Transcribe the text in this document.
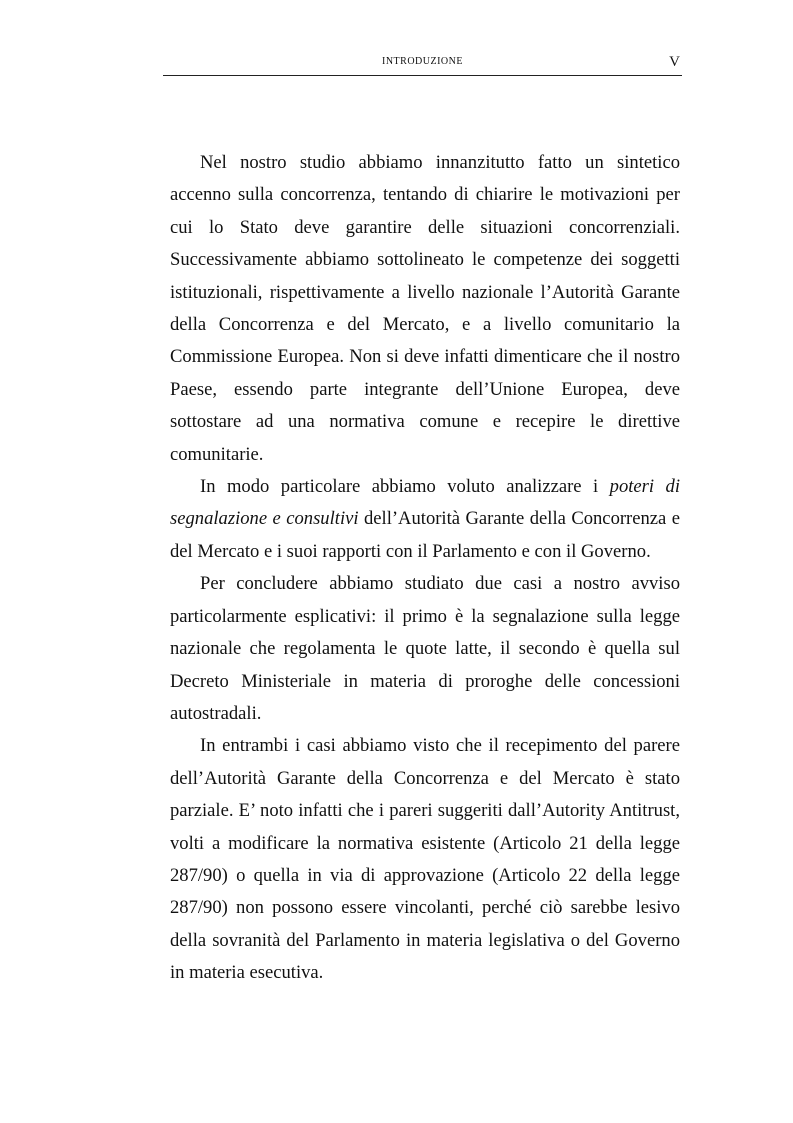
INTRODUZIONE	V

Nel nostro studio abbiamo innanzitutto fatto un sintetico accenno sulla concorrenza, tentando di chiarire le motivazioni per cui lo Stato deve garantire delle situazioni concorrenziali. Successivamente abbiamo sottolineato le competenze dei soggetti istituzionali, rispettivamente a livello nazionale l’Autorità Garante della Concorrenza e del Mercato, e a livello comunitario la Commissione Europea. Non si deve infatti dimenticare che il nostro Paese, essendo parte integrante dell’Unione Europea, deve sottostare ad una normativa comune e recepire le direttive comunitarie.

In modo particolare abbiamo voluto analizzare i poteri di segnalazione e consultivi dell’Autorità Garante della Concorrenza e del Mercato e i suoi rapporti con il Parlamento e con il Governo.

Per concludere abbiamo studiato due casi a nostro avviso particolarmente esplicativi: il primo è la segnalazione sulla legge nazionale che regolamenta le quote latte, il secondo è quella sul Decreto Ministeriale in materia di proroghe delle concessioni autostradali.

In entrambi i casi abbiamo visto che il recepimento del parere dell’Autorità Garante della Concorrenza e del Mercato è stato parziale. E’ noto infatti che i pareri suggeriti dall’Autority Antitrust, volti a modificare la normativa esistente (Articolo 21 della legge 287/90) o quella in via di approvazione (Articolo 22 della legge 287/90) non possono essere vincolanti, perché ciò sarebbe lesivo della sovranità del Parlamento in materia legislativa o del Governo in materia esecutiva.
